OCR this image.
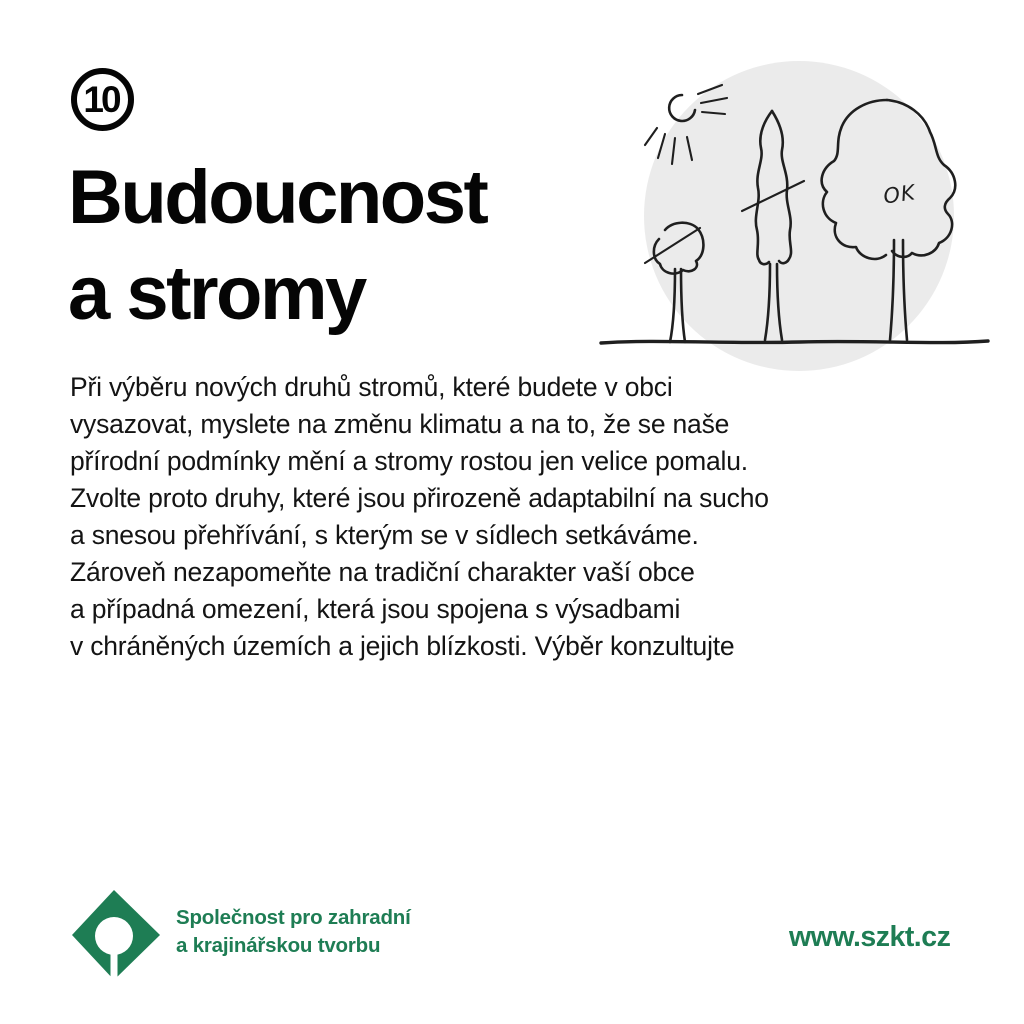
10
Budoucnost
a stromy
Při výběru nových druhů stromů, které budete v obci
vysazovat, myslete na změnu klimatu a na to, že se naše
přírodní podmínky mění a stromy rostou jen velice pomalu.
Zvolte proto druhy, které jsou přirozeně adaptabilní na sucho
a snesou přehřívání, s kterým se v sídlech setkáváme.
Zároveň nezapomeňte na tradiční charakter vaší obce
a případná omezení, která jsou spojena s výsadbami
v chráněných územích a jejich blízkosti. Výběr konzultujte
OK
Společnost pro zahradní
a krajinářskou tvorbu	www.szkt.cz
